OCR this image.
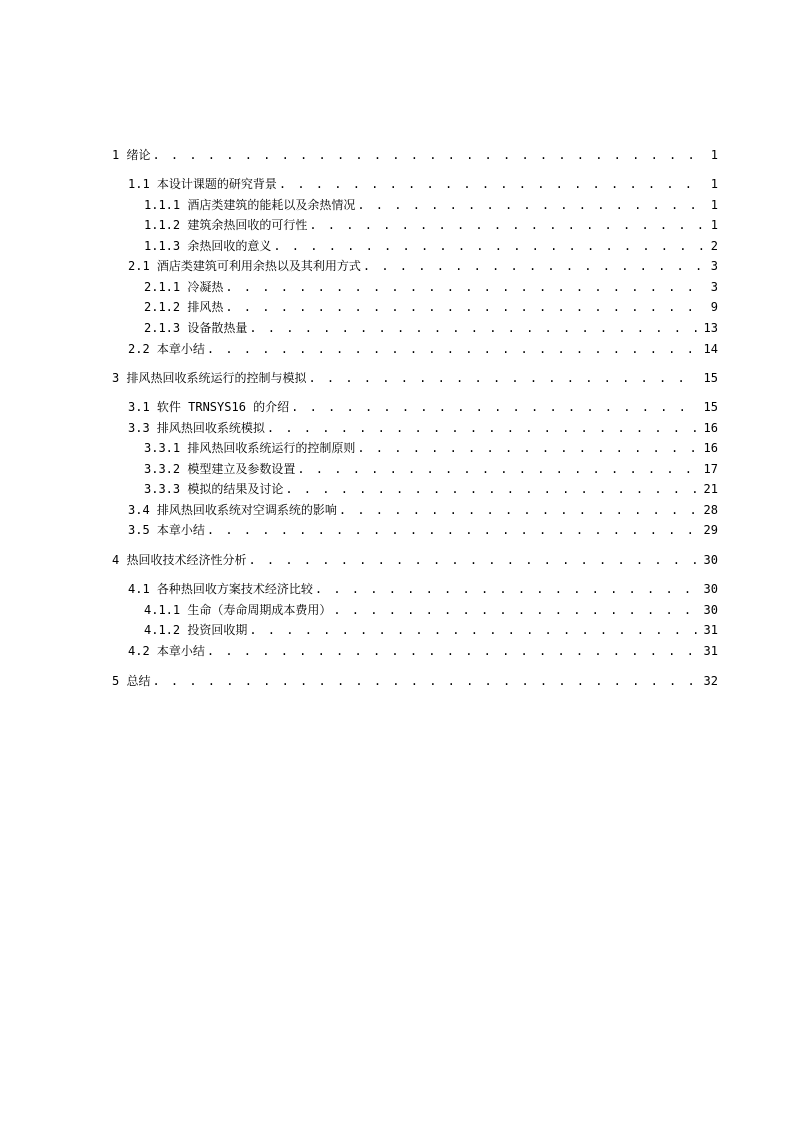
1 绪论 . . .	1
1.1 本设计课题的研究背景 . . .	1
1.1.1 酒店类建筑的能耗以及余热情况 . . .	1
1.1.2 建筑余热回收的可行性 . . .	1
1.1.3 余热回收的意义 . . .	2
2.1 酒店类建筑可利用余热以及其利用方式 . . .	3
2.1.1 冷凝热 . . .	3
2.1.2 排风热 . . .	9
2.1.3 设备散热量 . . .	13
2.2 本章小结 . . .	14
3 排风热回收系统运行的控制与模拟 . . .	15
3.1 软件 TRNSYS16 的介绍 . . .	15
3.3 排风热回收系统模拟 . . .	16
3.3.1 排风热回收系统运行的控制原则 . . .	16
3.3.2 模型建立及参数设置 . . .	17
3.3.3 模拟的结果及讨论 . . .	21
3.4 排风热回收系统对空调系统的影响 . . .	28
3.5 本章小结 . . .	29
4 热回收技术经济性分析 . . .	30
4.1 各种热回收方案技术经济比较 . . .	30
4.1.1 生命（寿命周期成本费用） . . .	30
4.1.2 投资回收期 . . .	31
4.2 本章小结 . . .	31
5 总结 . . .	32
